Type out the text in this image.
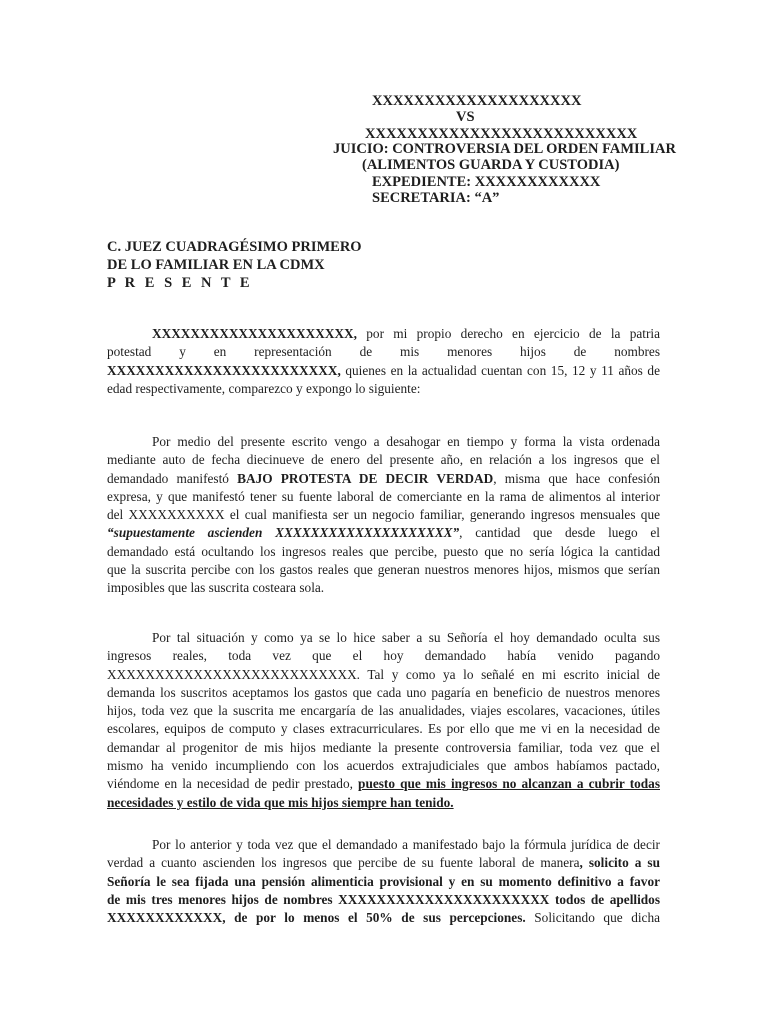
XXXXXXXXXXXXXXXXXXXX
VS
XXXXXXXXXXXXXXXXXXXXXXXXXX
JUICIO: CONTROVERSIA DEL ORDEN FAMILIAR
(ALIMENTOS GUARDA Y CUSTODIA)
EXPEDIENTE: XXXXXXXXXXXX
SECRETARIA: “A”
C. JUEZ CUADRAGÉSIMO PRIMERO
DE LO FAMILIAR EN LA CDMX
P R E S E N T E
XXXXXXXXXXXXXXXXXXXXX, por mi propio derecho en ejercicio de la patria
potestad y en representación de mis menores hijos de nombres
XXXXXXXXXXXXXXXXXXXXXXXX, quienes en la actualidad cuentan con 15, 12 y 11 años de
edad respectivamente, comparezco y expongo lo siguiente:
Por medio del presente escrito vengo a desahogar en tiempo y forma la vista ordenada
mediante auto de fecha diecinueve de enero del presente año, en relación a los ingresos que el
demandado manifestó BAJO PROTESTA DE DECIR VERDAD, misma que hace confesión
expresa, y que manifestó tener su fuente laboral de comerciante en la rama de alimentos al interior
del XXXXXXXXXX el cual manifiesta ser un negocio familiar, generando ingresos mensuales que
“supuestamente ascienden XXXXXXXXXXXXXXXXXXXX”, cantidad que desde luego el
demandado está ocultando los ingresos reales que percibe, puesto que no sería lógica la cantidad
que la suscrita percibe con los gastos reales que generan nuestros menores hijos, mismos que serían
imposibles que las suscrita costeara sola.
Por tal situación y como ya se lo hice saber a su Señoría el hoy demandado oculta sus
ingresos reales, toda vez que el hoy demandado había venido pagando
XXXXXXXXXXXXXXXXXXXXXXXXXX. Tal y como ya lo señalé en mi escrito inicial de
demanda los suscritos aceptamos los gastos que cada uno pagaría en beneficio de nuestros menores
hijos, toda vez que la suscrita me encargaría de las anualidades, viajes escolares, vacaciones, útiles
escolares, equipos de computo y clases extracurriculares. Es por ello que me vi en la necesidad de
demandar al progenitor de mis hijos mediante la presente controversia familiar, toda vez que el
mismo ha venido incumpliendo con los acuerdos extrajudiciales que ambos habíamos pactado,
viéndome en la necesidad de pedir prestado, puesto que mis ingresos no alcanzan a cubrir todas
necesidades y estilo de vida que mis hijos siempre han tenido.
Por lo anterior y toda vez que el demandado a manifestado bajo la fórmula jurídica de decir
verdad a cuanto ascienden los ingresos que percibe de su fuente laboral de manera, solicito a su
Señoría le sea fijada una pensión alimenticia provisional y en su momento definitivo a favor
de mis tres menores hijos de nombres XXXXXXXXXXXXXXXXXXXXXX todos de apellidos
XXXXXXXXXXXX, de por lo menos el 50% de sus percepciones. Solicitando que dicha
